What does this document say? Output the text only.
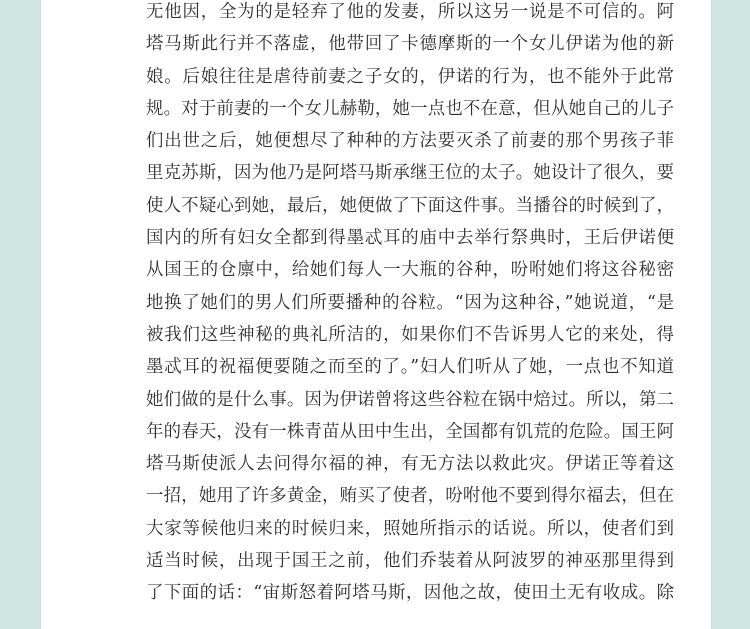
无他因，全为的是轻弃了他的发妻，所以这另一说是不可信的。阿
塔马斯此行并不落虚，他带回了卡德摩斯的一个女儿伊诺为他的新
娘。后娘往往是虐待前妻之子女的，伊诺的行为，也不能外于此常
规。对于前妻的一个女儿赫勒，她一点也不在意，但从她自己的儿子
们出世之后，她便想尽了种种的方法要灭杀了前妻的那个男孩子菲
里克苏斯，因为他乃是阿塔马斯承继王位的太子。她设计了很久，要
使人不疑心到她，最后，她便做了下面这件事。当播谷的时候到了，
国内的所有妇女全都到得墨忒耳的庙中去举行祭典时，王后伊诺便
从国王的仓廪中，给她们每人一大瓶的谷种，吩咐她们将这谷秘密
地换了她们的男人们所要播种的谷粒。“因为这种谷，”她说道，“是
被我们这些神秘的典礼所洁的，如果你们不告诉男人它的来处，得
墨忒耳的祝福便要随之而至的了。”妇人们听从了她，一点也不知道
她们做的是什么事。因为伊诺曾将这些谷粒在锅中焙过。所以，第二
年的春天，没有一株青苗从田中生出，全国都有饥荒的危险。国王阿
塔马斯使派人去问得尔福的神，有无方法以救此灾。伊诺正等着这
一招，她用了许多黄金，贿买了使者，吩咐他不要到得尔福去，但在
大家等候他归来的时候归来，照她所指示的话说。所以，使者们到
适当时候，出现于国王之前，他们乔装着从阿波罗的神巫那里得到
了下面的话：“宙斯怒着阿塔马斯，因他之故，使田土无有收成。除
